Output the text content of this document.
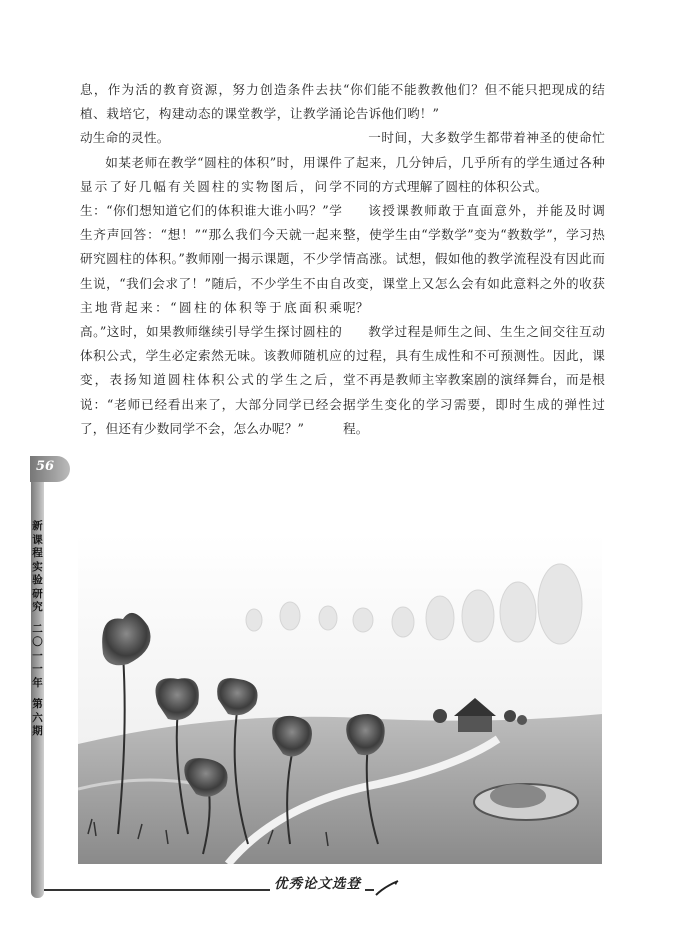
息，作为活的教育资源，努力创造条件去扶植、栽培它，构建动态的课堂教学，让教学涌动生命的灵性。

如某老师在教学“圆柱的体积”时，用课件显示了好几幅有关圆柱的实物图后，问学生：“你们想知道它们的体积谁大谁小吗？”学生齐声回答：“想！”“那么我们今天就一起来研究圆柱的体积。”教师刚一揭示课题，不少学生说，“我们会求了！”随后，不少学生不由自主地背起来：“圆柱的体积等于底面积乘高。”这时，如果教师继续引导学生探讨圆柱的体积公式，学生必定索然无味。该教师随机应变，表扬知道圆柱体积公式的学生之后，说：“老师已经看出来了，大部分同学已经会了，但还有少数同学不会，怎么办呢？”

“你们能不能教教他们？但不能只把现成的结论告诉他们哟！”

一时间，大多数学生都带着神圣的使命忙了起来，几分钟后，几乎所有的学生通过各种不同的方式理解了圆柱的体积公式。

该授课教师敢于直面意外，并能及时调整，使学生由“学数学”变为“教数学”，学习热情高涨。试想，假如他的教学流程没有因此而改变，课堂上又怎么会有如此意料之外的收获呢？

教学过程是师生之间、生生之间交往互动的过程，具有生成性和不可预测性。因此，课堂不再是教师主宰教案剧的演绎舞台，而是根据学生变化的学习需要，即时生成的弹性过程。

56
新课程实验研究
二〇一一年
第六期
优秀论文选登
